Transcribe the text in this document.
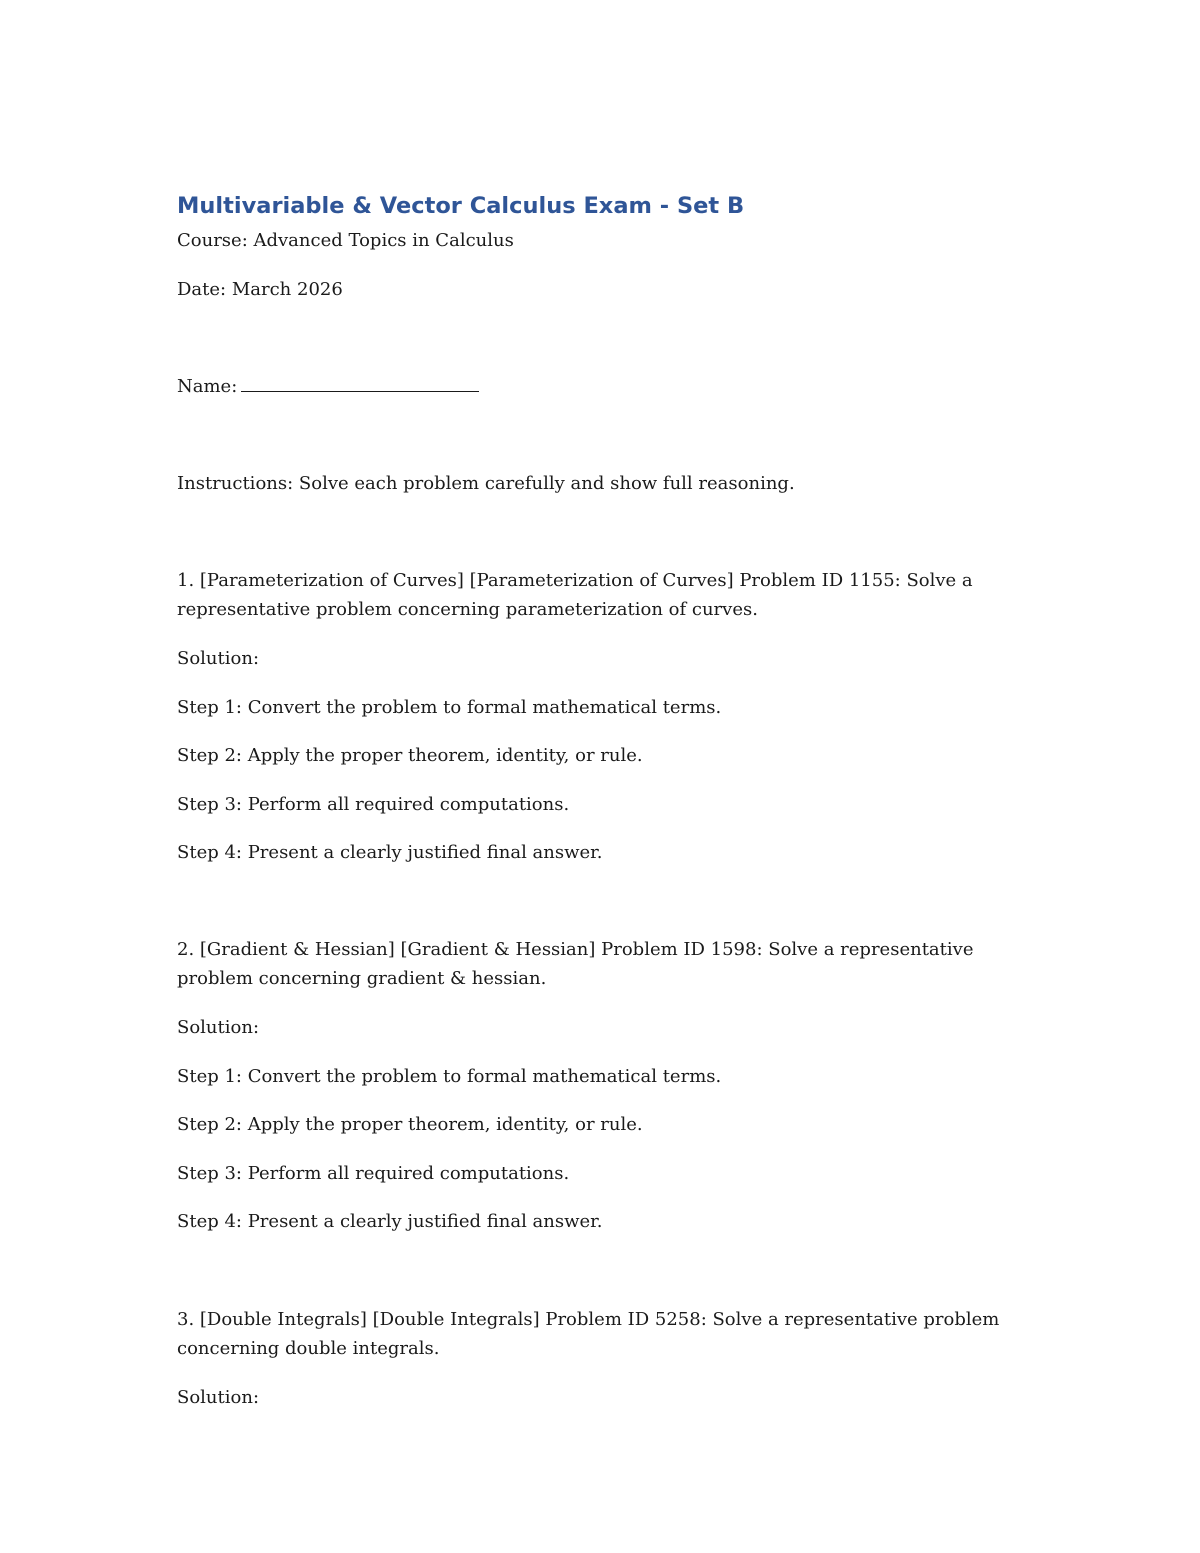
Multivariable & Vector Calculus Exam - Set B
Course: Advanced Topics in Calculus
Date: March 2026
Name:
Instructions: Solve each problem carefully and show full reasoning.
1. [Parameterization of Curves] [Parameterization of Curves] Problem ID 1155: Solve a representative problem concerning parameterization of curves.
Solution:
Step 1: Convert the problem to formal mathematical terms.
Step 2: Apply the proper theorem, identity, or rule.
Step 3: Perform all required computations.
Step 4: Present a clearly justified final answer.
2. [Gradient & Hessian] [Gradient & Hessian] Problem ID 1598: Solve a representative problem concerning gradient & hessian.
Solution:
Step 1: Convert the problem to formal mathematical terms.
Step 2: Apply the proper theorem, identity, or rule.
Step 3: Perform all required computations.
Step 4: Present a clearly justified final answer.
3. [Double Integrals] [Double Integrals] Problem ID 5258: Solve a representative problem concerning double integrals.
Solution:
